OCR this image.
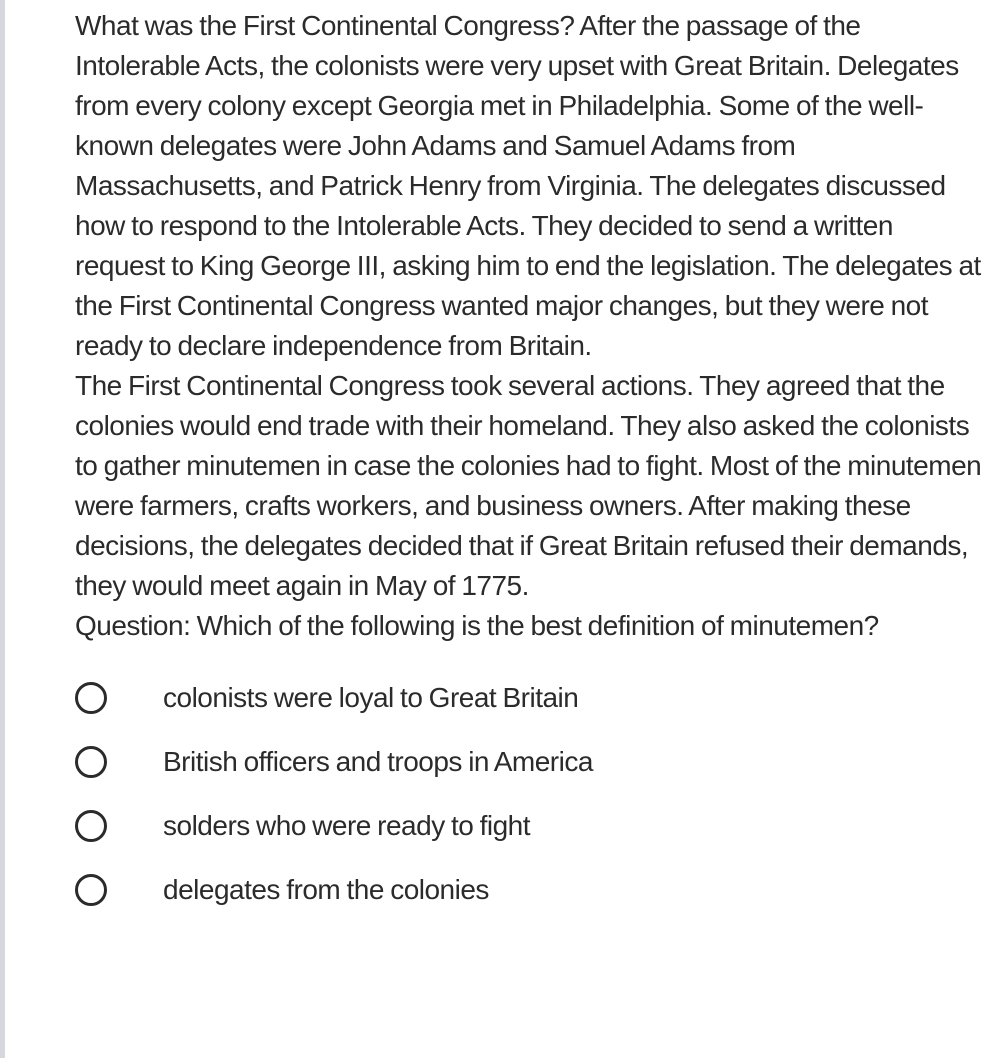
What was the First Continental Congress? After the passage of the Intolerable Acts, the colonists were very upset with Great Britain. Delegates from every colony except Georgia met in Philadelphia. Some of the well-known delegates were John Adams and Samuel Adams from Massachusetts, and Patrick Henry from Virginia. The delegates discussed how to respond to the Intolerable Acts. They decided to send a written request to King George III, asking him to end the legislation. The delegates at the First Continental Congress wanted major changes, but they were not ready to declare independence from Britain.

The First Continental Congress took several actions. They agreed that the colonies would end trade with their homeland. They also asked the colonists to gather minutemen in case the colonies had to fight. Most of the minutemen were farmers, crafts workers, and business owners. After making these decisions, the delegates decided that if Great Britain refused their demands, they would meet again in May of 1775.

Question: Which of the following is the best definition of minutemen?

colonists were loyal to Great Britain
British officers and troops in America
solders who were ready to fight
delegates from the colonies
